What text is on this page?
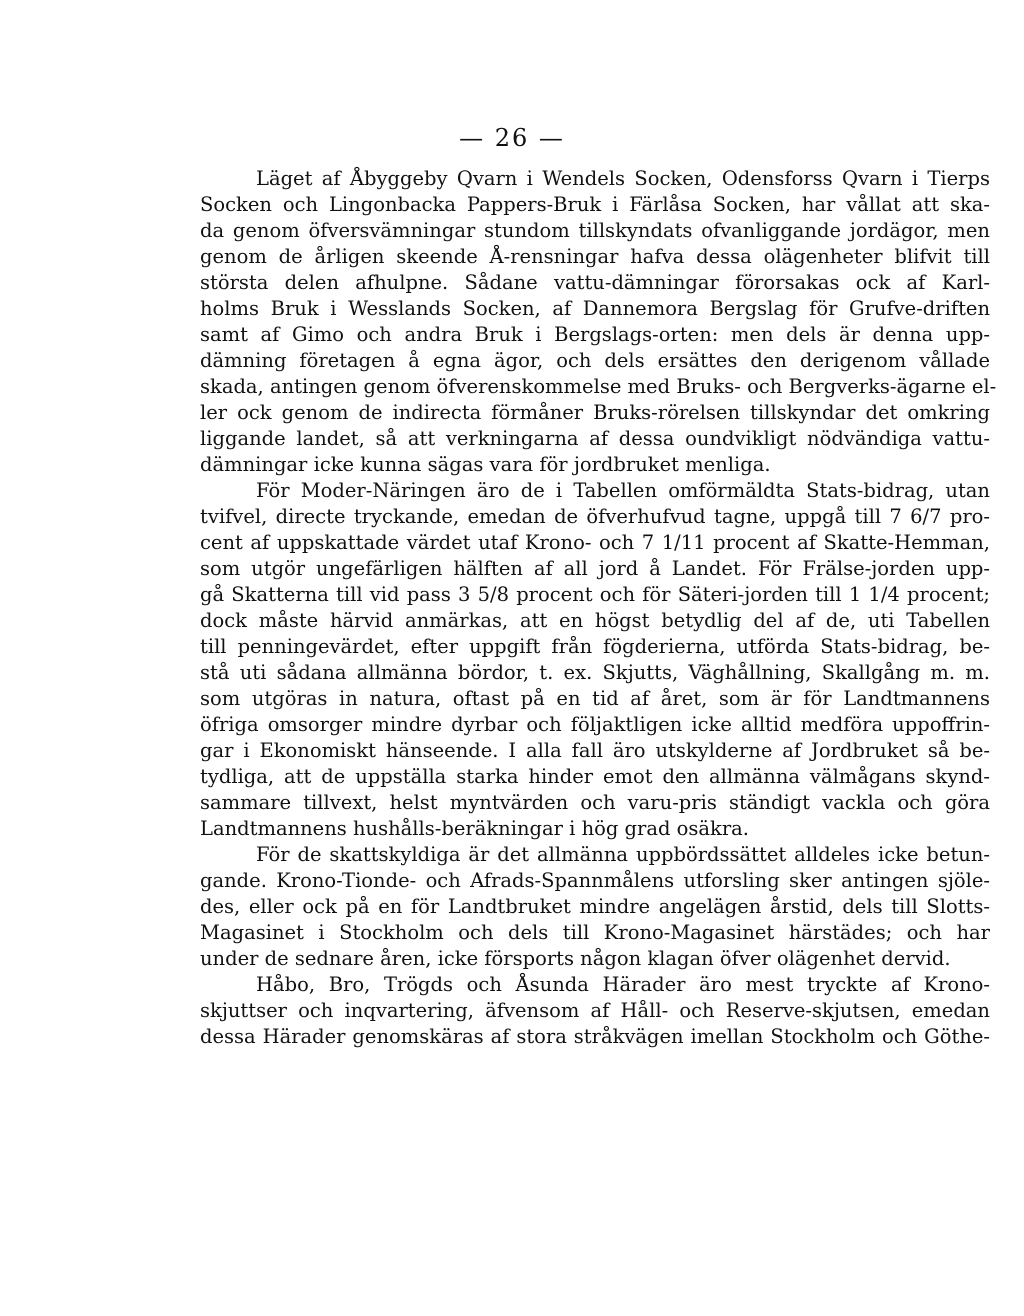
— 26 —
Läget af Åbyggeby Qvarn i Wendels Socken, Odensforss Qvarn i Tierps
Socken och Lingonbacka Pappers-Bruk i Färlåsa Socken, har vållat att ska-
da genom öfversvämningar stundom tillskyndats ofvanliggande jordägor, men
genom de årligen skeende Å-rensningar hafva dessa olägenheter blifvit till
största delen afhulpne. Sådane vattu-dämningar förorsakas ock af Karl-
holms Bruk i Wesslands Socken, af Dannemora Bergslag för Grufve-driften
samt af Gimo och andra Bruk i Bergslags-orten: men dels är denna upp-
dämning företagen å egna ägor, och dels ersättes den derigenom vållade
skada, antingen genom öfverenskommelse med Bruks- och Bergverks-ägarne el-
ler ock genom de indirecta förmåner Bruks-rörelsen tillskyndar det omkring
liggande landet, så att verkningarna af dessa oundvikligt nödvändiga vattu-
dämningar icke kunna sägas vara för jordbruket menliga.
För Moder-Näringen äro de i Tabellen omförmäldta Stats-bidrag, utan
tvifvel, directe tryckande, emedan de öfverhufvud tagne, uppgå till 7 6/7 pro-
cent af uppskattade värdet utaf Krono- och 7 1/11 procent af Skatte-Hemman,
som utgör ungefärligen hälften af all jord å Landet. För Frälse-jorden upp-
gå Skatterna till vid pass 3 5/8 procent och för Säteri-jorden till 1 1/4 procent;
dock måste härvid anmärkas, att en högst betydlig del af de, uti Tabellen
till penningevärdet, efter uppgift från fögderierna, utförda Stats-bidrag, be-
stå uti sådana allmänna bördor, t. ex. Skjutts, Väghållning, Skallgång m. m.
som utgöras in natura, oftast på en tid af året, som är för Landtmannens
öfriga omsorger mindre dyrbar och följaktligen icke alltid medföra uppoffrin-
gar i Ekonomiskt hänseende. I alla fall äro utskylderne af Jordbruket så be-
tydliga, att de uppställa starka hinder emot den allmänna välmågans skynd-
sammare tillvext, helst myntvärden och varu-pris ständigt vackla och göra
Landtmannens hushålls-beräkningar i hög grad osäkra.
För de skattskyldiga är det allmänna uppbördssättet alldeles icke betun-
gande. Krono-Tionde- och Afrads-Spannmålens utforsling sker antingen sjöle-
des, eller ock på en för Landtbruket mindre angelägen årstid, dels till Slotts-
Magasinet i Stockholm och dels till Krono-Magasinet härstädes; och har
under de sednare åren, icke försports någon klagan öfver olägenhet dervid.
Håbo, Bro, Trögds och Åsunda Härader äro mest tryckte af Krono-
skjuttser och inqvartering, äfvensom af Håll- och Reserve-skjutsen, emedan
dessa Härader genomskäras af stora stråkvägen imellan Stockholm och Göthe-
